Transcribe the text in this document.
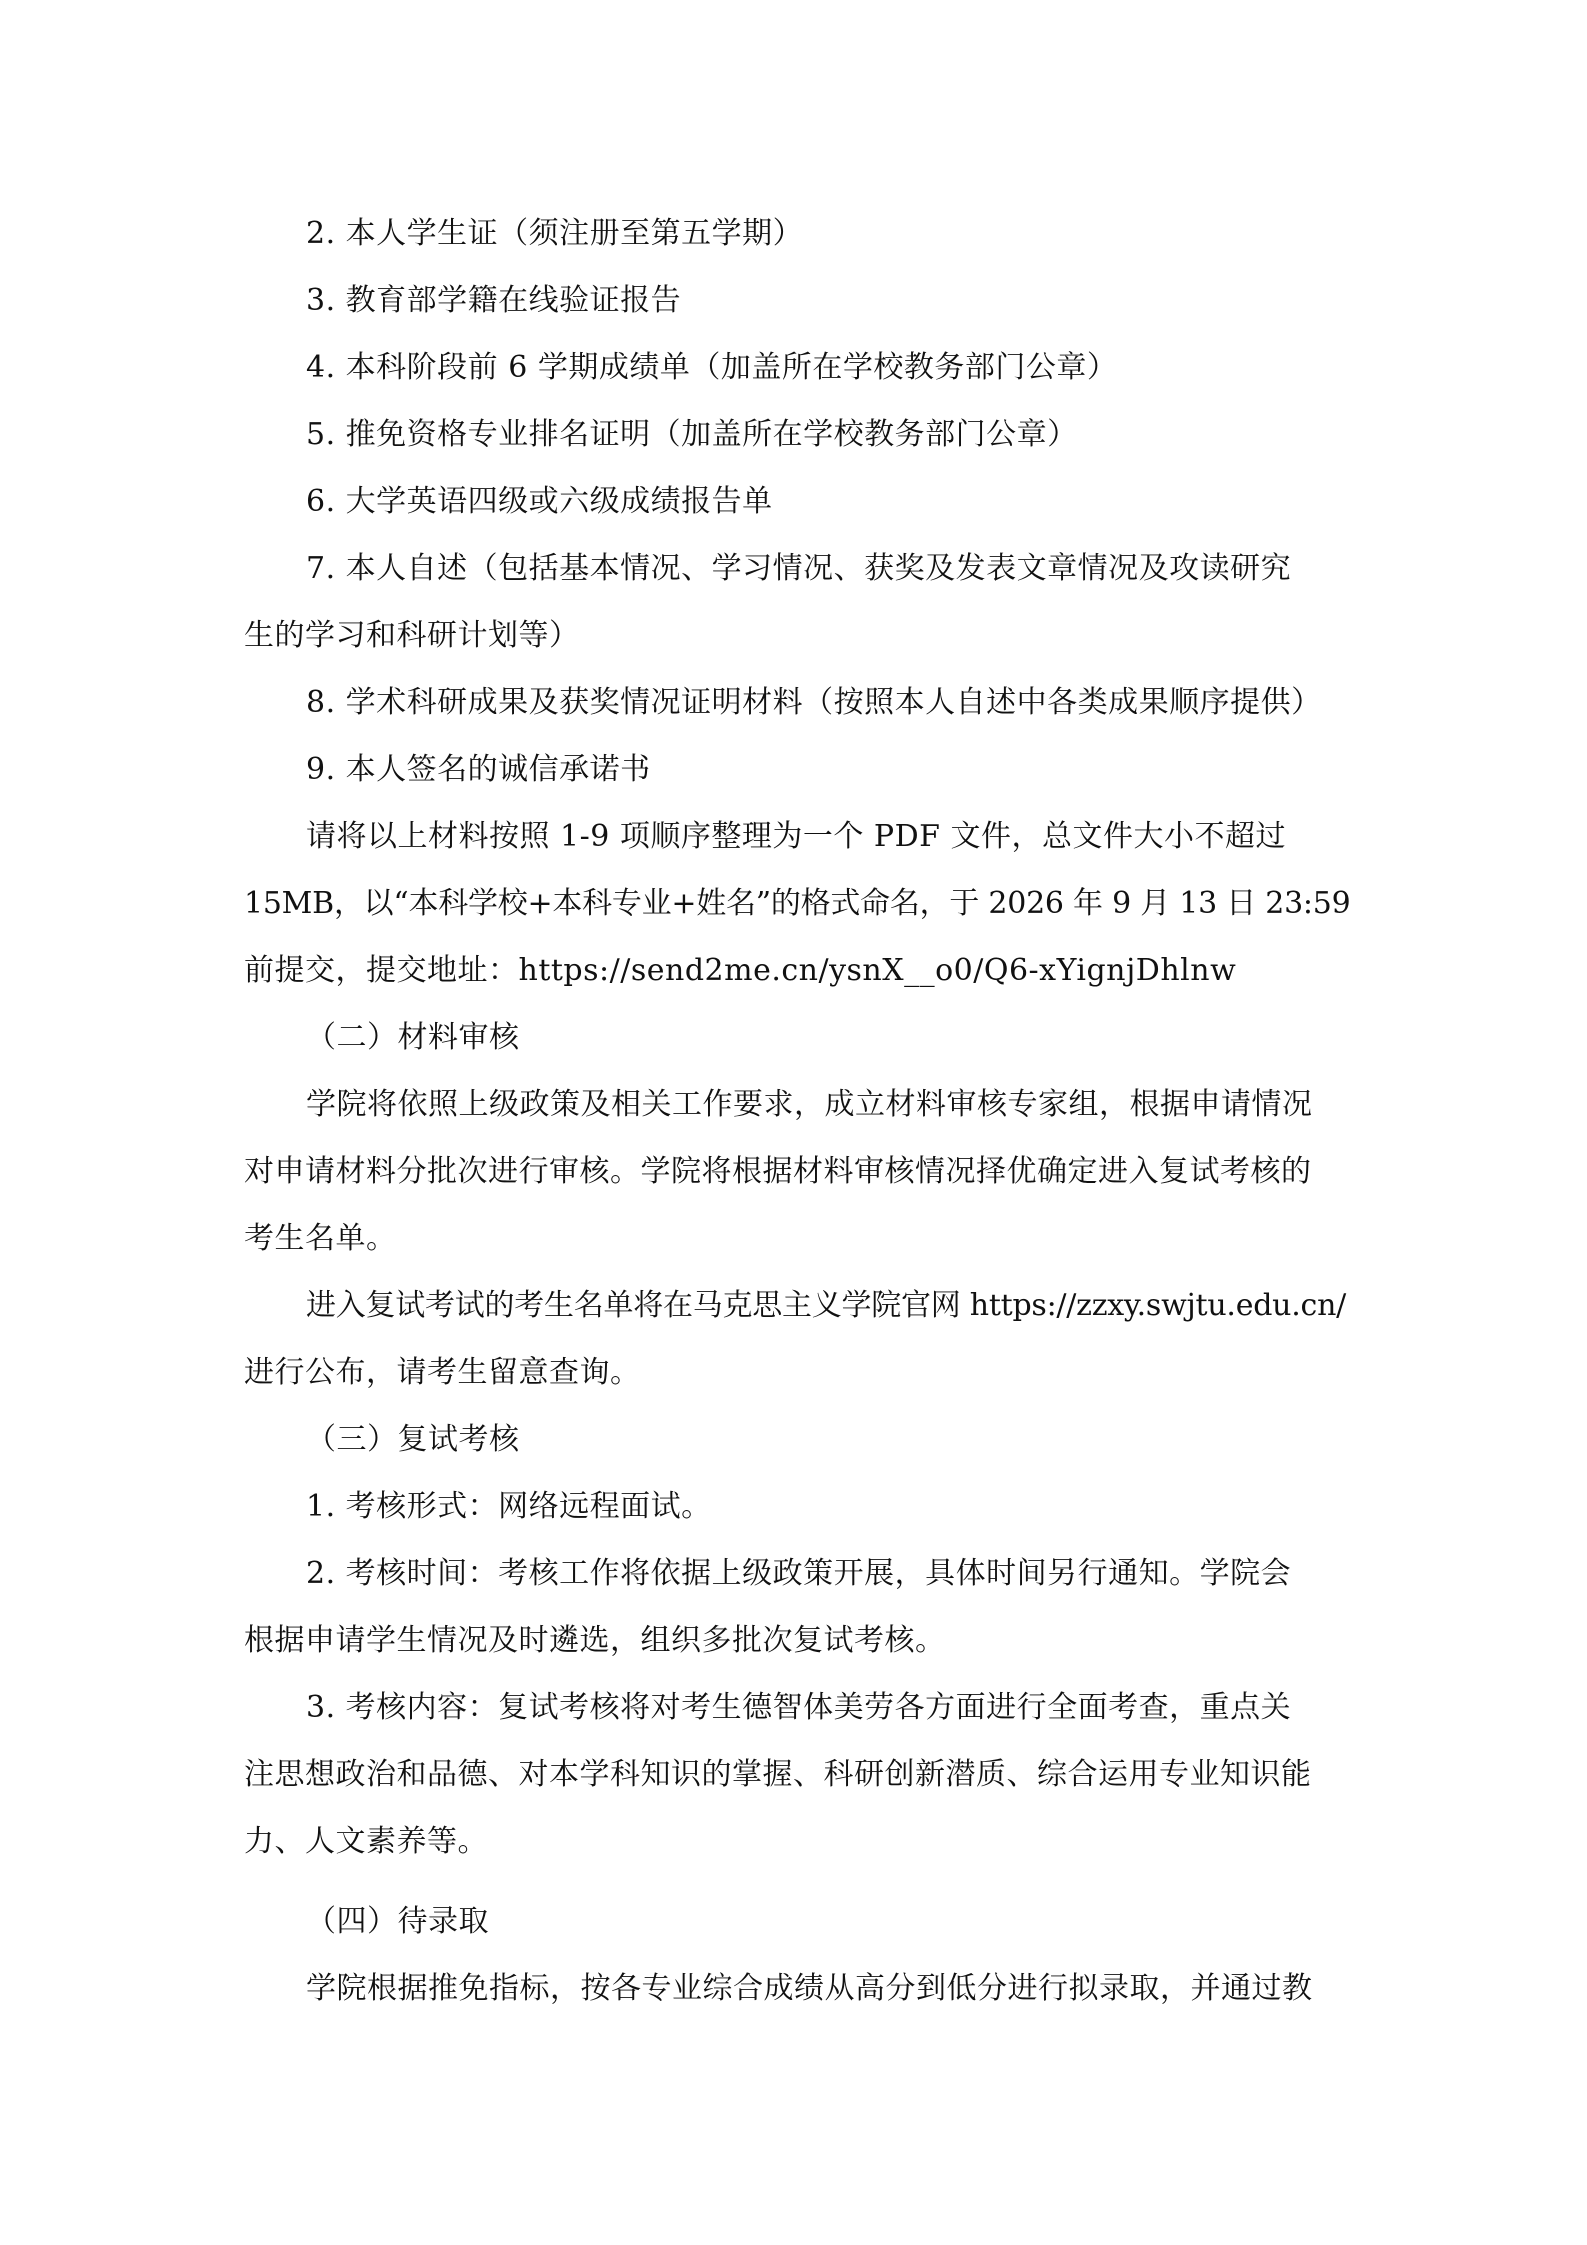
2. 本人学生证（须注册至第五学期）
3. 教育部学籍在线验证报告
4. 本科阶段前 6 学期成绩单（加盖所在学校教务部门公章）
5. 推免资格专业排名证明（加盖所在学校教务部门公章）
6. 大学英语四级或六级成绩报告单
7. 本人自述（包括基本情况、学习情况、获奖及发表文章情况及攻读研究
生的学习和科研计划等）
8. 学术科研成果及获奖情况证明材料（按照本人自述中各类成果顺序提供）
9. 本人签名的诚信承诺书
请将以上材料按照 1-9 项顺序整理为一个 PDF 文件，总文件大小不超过
15MB，以“本科学校+本科专业+姓名”的格式命名，于 2026 年 9 月 13 日 23:59
前提交，提交地址：https://send2me.cn/ysnX__o0/Q6-xYignjDhlnw
（二）材料审核
学院将依照上级政策及相关工作要求，成立材料审核专家组，根据申请情况
对申请材料分批次进行审核。学院将根据材料审核情况择优确定进入复试考核的
考生名单。
进入复试考试的考生名单将在马克思主义学院官网 https://zzxy.swjtu.edu.cn/
进行公布，请考生留意查询。
（三）复试考核
1. 考核形式：网络远程面试。
2. 考核时间：考核工作将依据上级政策开展，具体时间另行通知。学院会
根据申请学生情况及时遴选，组织多批次复试考核。
3. 考核内容：复试考核将对考生德智体美劳各方面进行全面考查，重点关
注思想政治和品德、对本学科知识的掌握、科研创新潜质、综合运用专业知识能
力、人文素养等。
（四）待录取
学院根据推免指标，按各专业综合成绩从高分到低分进行拟录取，并通过教
